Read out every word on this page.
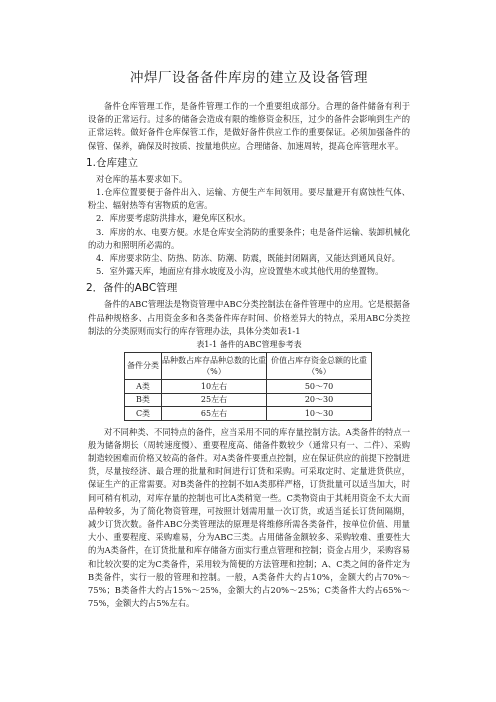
冲焊厂设备备件库房的建立及设备管理

备件仓库管理工作，是备件管理工作的一个重要组成部分。合理的备件储备有利于设备的正常运行。过多的储备会造成有限的维修资金积压，过少的备件会影响到生产的正常运转。做好备件仓库保管工作，是做好备件供应工作的重要保证。必须加强备件的保管、保养，确保及时按质、按量地供应。合理储备、加速周转，提高仓库管理水平。

1.仓库建立

对仓库的基本要求如下。

1.仓库位置要便于备件出入、运输、方便生产车间领用。要尽量避开有腐蚀性气体、粉尘、辐射热等有害物质的危害。

2．库房要考虑防洪排水，避免库区积水。

3．库房的水、电要方便。水是仓库安全消防的重要条件；电是备件运输、装卸机械化的动力和照明所必需的。

4．库房要求防尘、防热、防冻、防潮、防震，既能封闭隔离，又能达到通风良好。

5．室外露天库，地面应有排水坡度及小沟，应设置垫木或其他代用的垫置物。

2．备件的ABC管理

备件的ABC管理法是物资管理中ABC分类控制法在备件管理中的应用。它是根据备件品种规格多、占用资金多和各类备件库存时间、价格差异大的特点，采用ABC分类控制法的分类原则而实行的库存管理办法，具体分类如表1-1

表1-1 备件的ABC管理参考表
备件分类	品种数占库存品种总数的比重（%）	价值占库存资金总额的比重（%）
A类	10左右	50～70
B类	25左右	20～30
C类	65左右	10～30

对不同种类、不同特点的备件，应当采用不同的库存量控制方法。A类备件的特点一般为储备期长（周转速度慢）、重要程度高、储备件数较少（通常只有一、二件）、采购制造较困难而价格又较高的备件。对A类备件要重点控制，应在保证供应的前提下控制进货，尽量按经济、最合理的批量和时间进行订货和采购。可采取定时、定量进货供应，保证生产的正常需要。对B类备件的控制不如A类那样严格，订货批量可以适当加大，时间可稍有机动，对库存量的控制也可比A类稍宽一些。C类物资由于其耗用资金不太大而品种较多，为了简化物资管理，可按照计划需用量一次订货，或适当延长订货间隔期，减少订货次数。备件ABC分类管理法的原理是将维修所需各类备件，按单位价值、用量大小、重要程度、采购难易，分为ABC三类。占用储备金额较多、采购较难、重要性大的为A类备件，在订货批量和库存储备方面实行重点管理和控制；资金占用少，采购容易和比较次要的定为C类备件，采用较为简便的方法管理和控制；A、C类之间的备件定为B类备件，实行一般的管理和控制。一般，A类备件大约占10%，金额大约占70%～75%；B类备件大约占15%～25%，金额大约占20%～25%；C类备件大约占65%～75%，金额大约占5%左右。
